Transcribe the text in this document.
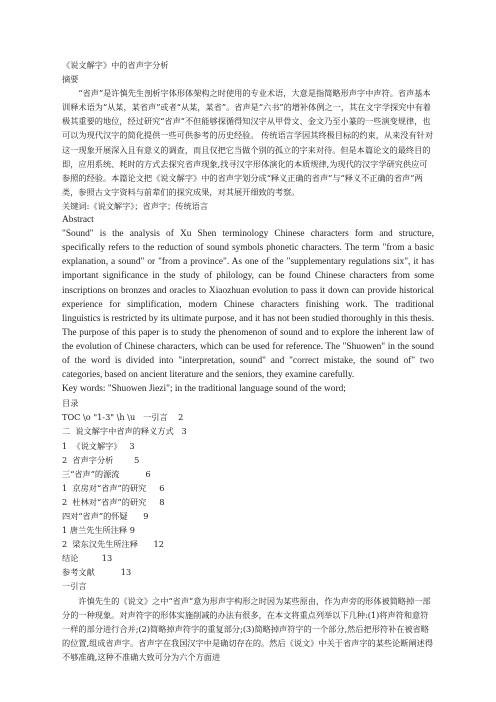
《说文解字》中的省声字分析
摘要
“省声”是许慎先生剖析字体形体架构之时使用的专业术语，大意是指简略形声字中声符。省声基本训释术语为“从某，某省声”或者“从某，某省”。省声是“六书”的增补体例之一，其在文字学探究中有着极其重要的地位，经过研究“省声”不但能够探循得知汉字从甲骨文、金文乃至小篆的一些演变规律，也可以为现代汉字的简化提供一些可供参考的历史经验。 传统语言学因其终极目标的约束，从来没有针对这一现象开展深入且有意义的调查，而且仅把它当做个别的孤立的字来对待。但是本篇论文的最终目的即，应用系统、耗时的方式去探究省声现象,找寻汉字形体演化的本质规律,为现代的汉字学研究供应可参照的经验。本篇论文把《说文解字》中的省声字划分成“释义正确的省声”与“释义不正确的省声”两类，参照古文字资料与前辈们的探究成果，对其展开细致的考察。
关键词:《说文解字》；省声字；传统语言
Abstract
"Sound" is the analysis of Xu Shen terminology Chinese characters form and structure, specifically refers to the reduction of sound symbols phonetic characters. The term "from a basic explanation, a sound" or "from a province". As one of the "supplementary regulations six", it has important significance in the study of philology, can be found Chinese characters from some inscriptions on bronzes and oracles to Xiaozhuan evolution to pass it down can provide historical experience for simplification, modern Chinese characters finishing work. The traditional linguistics is restricted by its ultimate purpose, and it has not been studied thoroughly in this thesis. The purpose of this paper is to study the phenomenon of sound and to explore the inherent law of the evolution of Chinese characters, which can be used for reference. The "Shuowen" in the sound of the word is divided into "interpretation, sound" and "correct mistake, the sound of" two categories, based on ancient literature and the seniors, they examine carefully.
Key words: "Shuowen Jiezi"; in the traditional language sound of the word;
目录
TOC \o "1-3" \h \u   一引言    2
二  说文解字中省声的释义方式   3
1  《说文解字》   3
2  省声字分析        5
三“省声”的源流          6
1  京房对“省声”的研究     6
2  杜林对“省声”的研究     8
四对“省声”的怀疑      9
1 唐兰先生所注释 9
2  梁东汉先生所注释      12
结论         13
参考文献          13
一引言
许慎先生的《说文》之中“省声”意为形声字构形之时因为某些原由，作为声旁的形体被简略掉一部分的一种现象。对声符字的形体实施削减的办法有很多，在本文将重点列举以下几种:(1)将声符和意符一样的部分进行合并;(2)简略掉声符字的重复部分;(3)简略掉声符字的一个部分,然后把形符补在被省略的位置,组成省声字。省声字在我国汉字中是确切存在的。然后《说文》中关于省声字的某些论断阐述得不够准确,这种不准确大致可分为六个方面进
